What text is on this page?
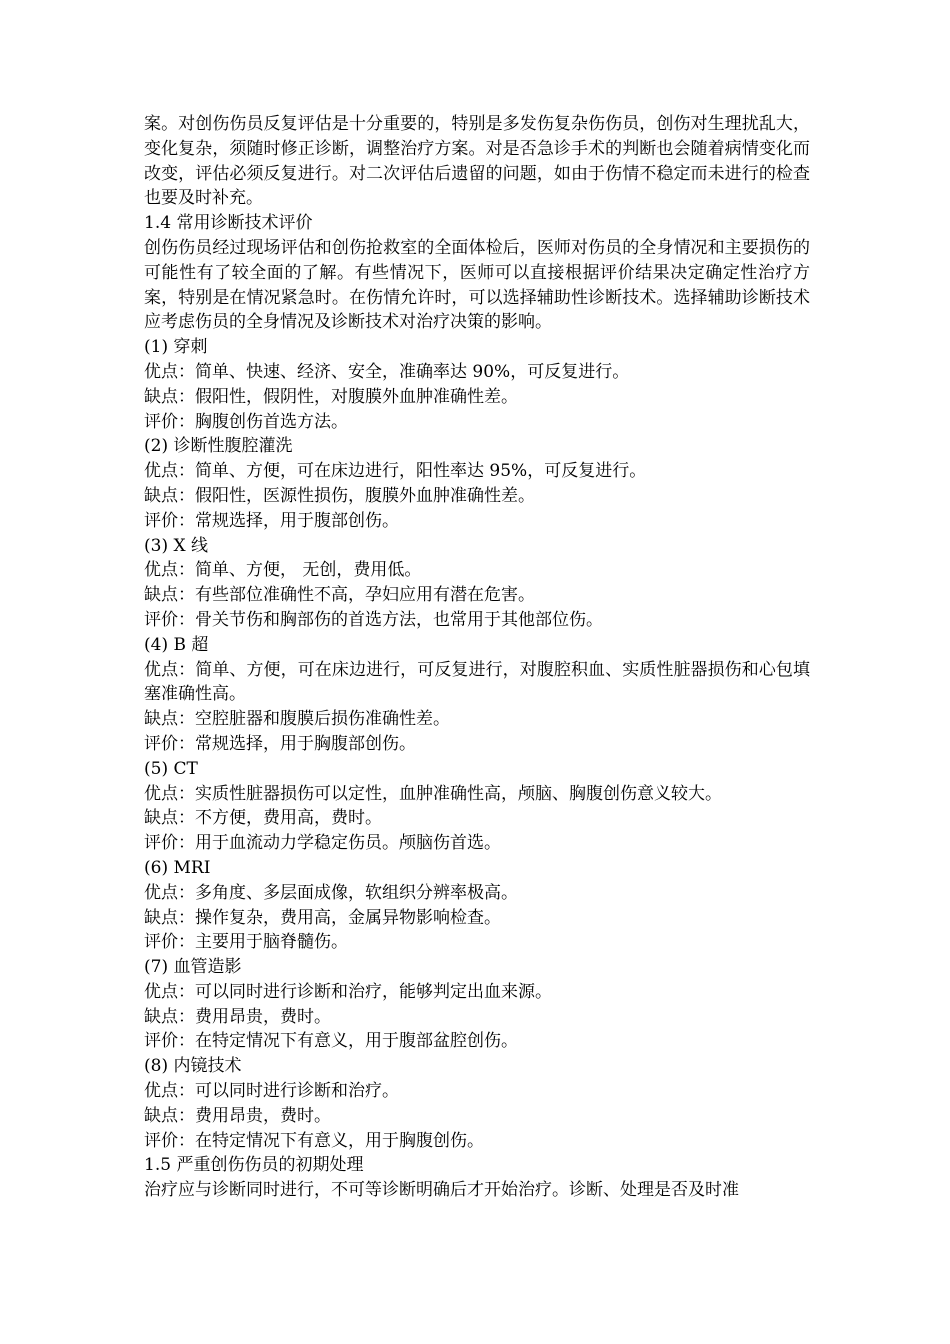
案。对创伤伤员反复评估是十分重要的，特别是多发伤复杂伤伤员，创伤对生理扰乱大，变化复杂，须随时修正诊断，调整治疗方案。对是否急诊手术的判断也会随着病情变化而改变，评估必须反复进行。对二次评估后遗留的问题，如由于伤情不稳定而未进行的检查也要及时补充。

1.4 常用诊断技术评价

创伤伤员经过现场评估和创伤抢救室的全面体检后，医师对伤员的全身情况和主要损伤的可能性有了较全面的了解。有些情况下，医师可以直接根据评价结果决定确定性治疗方案，特别是在情况紧急时。在伤情允许时，可以选择辅助性诊断技术。选择辅助诊断技术应考虑伤员的全身情况及诊断技术对治疗决策的影响。

(1) 穿刺

优点：简单、快速、经济、安全，准确率达 90%，可反复进行。

缺点：假阳性，假阴性，对腹膜外血肿准确性差。

评价：胸腹创伤首选方法。

(2) 诊断性腹腔灌洗

优点：简单、方便，可在床边进行，阳性率达 95%，可反复进行。

缺点：假阳性，医源性损伤，腹膜外血肿准确性差。

评价：常规选择，用于腹部创伤。

(3) X 线

优点：简单、方便， 无创，费用低。

缺点：有些部位准确性不高，孕妇应用有潜在危害。

评价：骨关节伤和胸部伤的首选方法，也常用于其他部位伤。

(4) B 超

优点：简单、方便，可在床边进行，可反复进行，对腹腔积血、实质性脏器损伤和心包填塞准确性高。

缺点：空腔脏器和腹膜后损伤准确性差。

评价：常规选择，用于胸腹部创伤。

(5) CT

优点：实质性脏器损伤可以定性，血肿准确性高，颅脑、胸腹创伤意义较大。

缺点：不方便，费用高，费时。

评价：用于血流动力学稳定伤员。颅脑伤首选。

(6) MRI

优点：多角度、多层面成像，软组织分辨率极高。

缺点：操作复杂，费用高，金属异物影响检查。

评价：主要用于脑脊髓伤。

(7) 血管造影

优点：可以同时进行诊断和治疗，能够判定出血来源。

缺点：费用昂贵，费时。

评价：在特定情况下有意义，用于腹部盆腔创伤。

(8) 内镜技术

优点：可以同时进行诊断和治疗。

缺点：费用昂贵，费时。

评价：在特定情况下有意义，用于胸腹创伤。

1.5 严重创伤伤员的初期处理

治疗应与诊断同时进行，不可等诊断明确后才开始治疗。诊断、处理是否及时准
